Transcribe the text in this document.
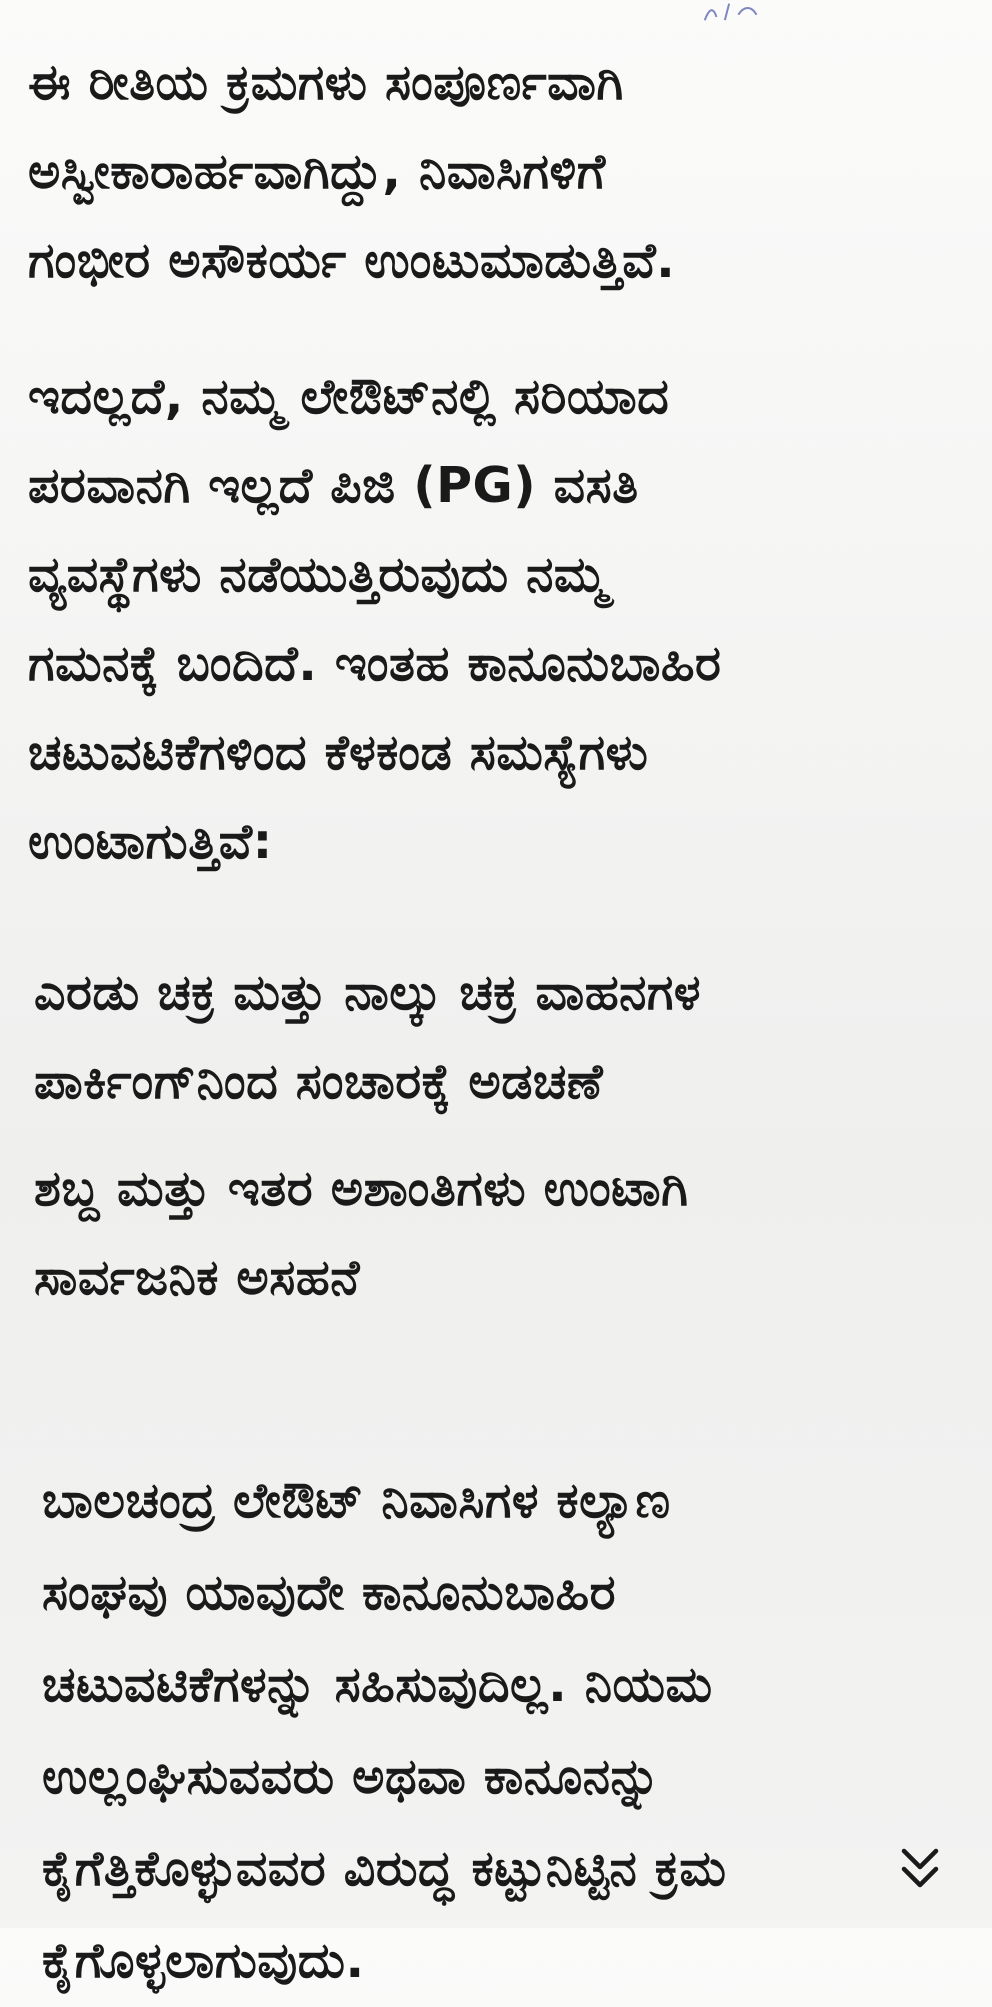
ಈ ರೀತಿಯ ಕ್ರಮಗಳು ಸಂಪೂರ್ಣವಾಗಿ
ಅಸ್ವೀಕಾರಾರ್ಹವಾಗಿದ್ದು, ನಿವಾಸಿಗಳಿಗೆ
ಗಂಭೀರ ಅಸೌಕರ್ಯ ಉಂಟುಮಾಡುತ್ತಿವೆ.

ಇದಲ್ಲದೆ, ನಮ್ಮ ಲೇಔಟ್‌ನಲ್ಲಿ ಸರಿಯಾದ
ಪರವಾನಗಿ ಇಲ್ಲದೆ ಪಿಜಿ (PG) ವಸತಿ
ವ್ಯವಸ್ಥೆಗಳು ನಡೆಯುತ್ತಿರುವುದು ನಮ್ಮ
ಗಮನಕ್ಕೆ ಬಂದಿದೆ. ಇಂತಹ ಕಾನೂನುಬಾಹಿರ
ಚಟುವಟಿಕೆಗಳಿಂದ ಕೆಳಕಂಡ ಸಮಸ್ಯೆಗಳು
ಉಂಟಾಗುತ್ತಿವೆ:

ಎರಡು ಚಕ್ರ ಮತ್ತು ನಾಲ್ಕು ಚಕ್ರ ವಾಹನಗಳ
ಪಾರ್ಕಿಂಗ್‌ನಿಂದ ಸಂಚಾರಕ್ಕೆ ಅಡಚಣೆ

ಶಬ್ದ ಮತ್ತು ಇತರ ಅಶಾಂತಿಗಳು ಉಂಟಾಗಿ
ಸಾರ್ವಜನಿಕ ಅಸಹನೆ

ಬಾಲಚಂದ್ರ ಲೇಔಟ್ ನಿವಾಸಿಗಳ ಕಲ್ಯಾಣ
ಸಂಘವು ಯಾವುದೇ ಕಾನೂನುಬಾಹಿರ
ಚಟುವಟಿಕೆಗಳನ್ನು ಸಹಿಸುವುದಿಲ್ಲ. ನಿಯಮ
ಉಲ್ಲಂಘಿಸುವವರು ಅಥವಾ ಕಾನೂನನ್ನು
ಕೈಗೆತ್ತಿಕೊಳ್ಳುವವರ ವಿರುದ್ಧ ಕಟ್ಟುನಿಟ್ಟಿನ ಕ್ರಮ
ಕೈಗೊಳ್ಳಲಾಗುವುದು.
